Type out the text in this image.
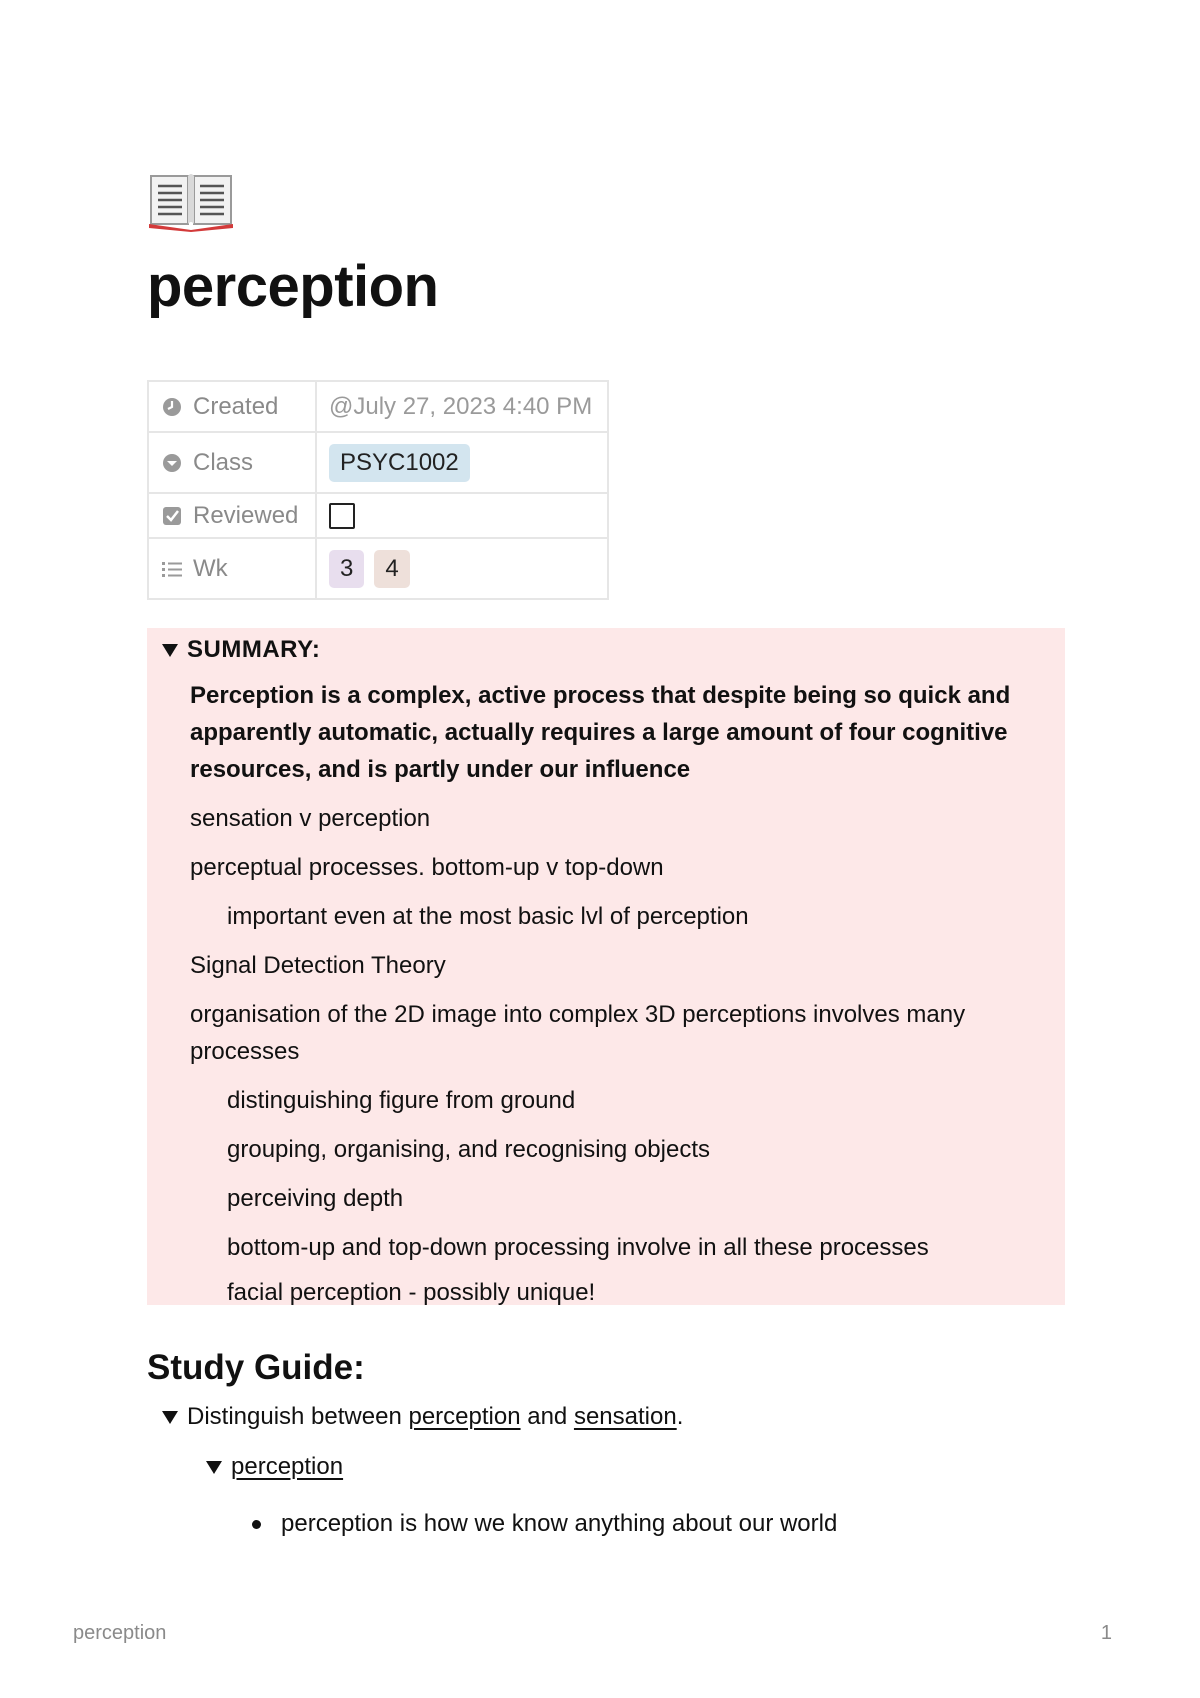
perception
Created	@July 27, 2023 4:40 PM

Class	PSYC1002

Reviewed	

Wk	3 4
SUMMARY:

Perception is a complex, active process that despite being so quick and

apparently automatic, actually requires a large amount of four cognitive

resources, and is partly under our influence

sensation v perception

perceptual processes. bottom-up v top-down

important even at the most basic lvl of perception

Signal Detection Theory

organisation of the 2D image into complex 3D perceptions involves many

processes

distinguishing figure from ground

grouping, organising, and recognising objects

perceiving depth

bottom-up and top-down processing involve in all these processes

facial perception - possibly unique!

Study Guide:
Distinguish between perception and sensation.
perception
perception is how we know anything about our world
perception	1
